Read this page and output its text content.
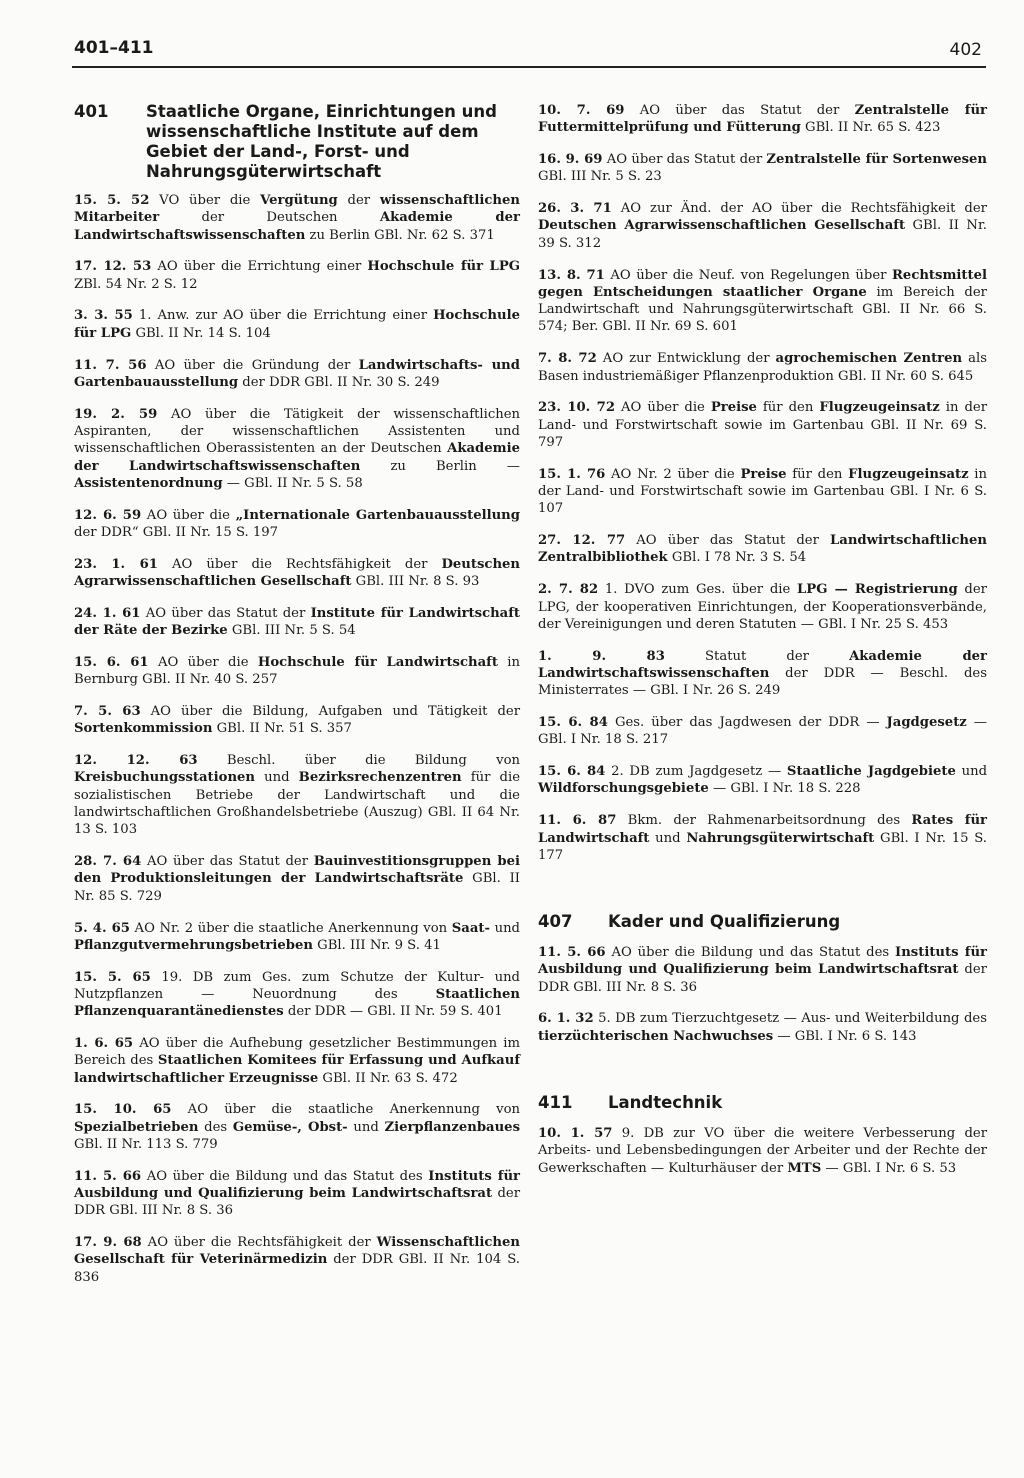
401–411	402
401	Staatliche Organe, Einrichtungen und wissenschaftliche Institute auf dem Gebiet der Land-, Forst- und Nahrungsgüterwirtschaft
15. 5. 52 VO über die Vergütung der wissenschaftlichen Mitarbeiter der Deutschen Akademie der Landwirtschaftswissenschaften zu Berlin GBl. Nr. 62 S. 371
17. 12. 53 AO über die Errichtung einer Hochschule für LPG ZBl. 54 Nr. 2 S. 12
3. 3. 55 1. Anw. zur AO über die Errichtung einer Hochschule für LPG GBl. II Nr. 14 S. 104
11. 7. 56 AO über die Gründung der Landwirtschafts- und Gartenbauausstellung der DDR GBl. II Nr. 30 S. 249
19. 2. 59 AO über die Tätigkeit der wissenschaftlichen Aspiranten, der wissenschaftlichen Assistenten und wissenschaftlichen Oberassistenten an der Deutschen Akademie der Landwirtschaftswissenschaften zu Berlin — Assistentenordnung — GBl. II Nr. 5 S. 58
12. 6. 59 AO über die „Internationale Gartenbauausstellung der DDR“ GBl. II Nr. 15 S. 197
23. 1. 61 AO über die Rechtsfähigkeit der Deutschen Agrarwissenschaftlichen Gesellschaft GBl. III Nr. 8 S. 93
24. 1. 61 AO über das Statut der Institute für Landwirtschaft der Räte der Bezirke GBl. III Nr. 5 S. 54
15. 6. 61 AO über die Hochschule für Landwirtschaft in Bernburg GBl. II Nr. 40 S. 257
7. 5. 63 AO über die Bildung, Aufgaben und Tätigkeit der Sortenkommission GBl. II Nr. 51 S. 357
12. 12. 63 Beschl. über die Bildung von Kreisbuchungsstationen und Bezirksrechenzentren für die sozialistischen Betriebe der Landwirtschaft und die landwirtschaftlichen Großhandelsbetriebe (Auszug) GBl. II 64 Nr. 13 S. 103
28. 7. 64 AO über das Statut der Bauinvestitionsgruppen bei den Produktionsleitungen der Landwirtschaftsräte GBl. II Nr. 85 S. 729
5. 4. 65 AO Nr. 2 über die staatliche Anerkennung von Saat- und Pflanzgutvermehrungsbetrieben GBl. III Nr. 9 S. 41
15. 5. 65 19. DB zum Ges. zum Schutze der Kultur- und Nutzpflanzen — Neuordnung des Staatlichen Pflanzenquarantänedienstes der DDR — GBl. II Nr. 59 S. 401
1. 6. 65 AO über die Aufhebung gesetzlicher Bestimmungen im Bereich des Staatlichen Komitees für Erfassung und Aufkauf landwirtschaftlicher Erzeugnisse GBl. II Nr. 63 S. 472
15. 10. 65 AO über die staatliche Anerkennung von Spezialbetrieben des Gemüse-, Obst- und Zierpflanzenbaues GBl. II Nr. 113 S. 779
11. 5. 66 AO über die Bildung und das Statut des Instituts für Ausbildung und Qualifizierung beim Landwirtschaftsrat der DDR GBl. III Nr. 8 S. 36
17. 9. 68 AO über die Rechtsfähigkeit der Wissenschaftlichen Gesellschaft für Veterinärmedizin der DDR GBl. II Nr. 104 S. 836
10. 7. 69 AO über das Statut der Zentralstelle für Futtermittelprüfung und Fütterung GBl. II Nr. 65 S. 423
16. 9. 69 AO über das Statut der Zentralstelle für Sortenwesen GBl. III Nr. 5 S. 23
26. 3. 71 AO zur Änd. der AO über die Rechtsfähigkeit der Deutschen Agrarwissenschaftlichen Gesellschaft GBl. II Nr. 39 S. 312
13. 8. 71 AO über die Neuf. von Regelungen über Rechtsmittel gegen Entscheidungen staatlicher Organe im Bereich der Landwirtschaft und Nahrungsgüterwirtschaft GBl. II Nr. 66 S. 574; Ber. GBl. II Nr. 69 S. 601
7. 8. 72 AO zur Entwicklung der agrochemischen Zentren als Basen industriemäßiger Pflanzenproduktion GBl. II Nr. 60 S. 645
23. 10. 72 AO über die Preise für den Flugzeugeinsatz in der Land- und Forstwirtschaft sowie im Gartenbau GBl. II Nr. 69 S. 797
15. 1. 76 AO Nr. 2 über die Preise für den Flugzeugeinsatz in der Land- und Forstwirtschaft sowie im Gartenbau GBl. I Nr. 6 S. 107
27. 12. 77 AO über das Statut der Landwirtschaftlichen Zentralbibliothek GBl. I 78 Nr. 3 S. 54
2. 7. 82 1. DVO zum Ges. über die LPG — Registrierung der LPG, der kooperativen Einrichtungen, der Kooperationsverbände, der Vereinigungen und deren Statuten — GBl. I Nr. 25 S. 453
1. 9. 83 Statut der Akademie der Landwirtschaftswissenschaften der DDR — Beschl. des Ministerrates — GBl. I Nr. 26 S. 249
15. 6. 84 Ges. über das Jagdwesen der DDR — Jagdgesetz — GBl. I Nr. 18 S. 217
15. 6. 84 2. DB zum Jagdgesetz — Staatliche Jagdgebiete und Wildforschungsgebiete — GBl. I Nr. 18 S. 228
11. 6. 87 Bkm. der Rahmenarbeitsordnung des Rates für Landwirtschaft und Nahrungsgüterwirtschaft GBl. I Nr. 15 S. 177
407	Kader und Qualifizierung
11. 5. 66 AO über die Bildung und das Statut des Instituts für Ausbildung und Qualifizierung beim Landwirtschaftsrat der DDR GBl. III Nr. 8 S. 36
6. 1. 32 5. DB zum Tierzuchtgesetz — Aus- und Weiterbildung des tierzüchterischen Nachwuchses — GBl. I Nr. 6 S. 143
411	Landtechnik
10. 1. 57 9. DB zur VO über die weitere Verbesserung der Arbeits- und Lebensbedingungen der Arbeiter und der Rechte der Gewerkschaften — Kulturhäuser der MTS — GBl. I Nr. 6 S. 53
